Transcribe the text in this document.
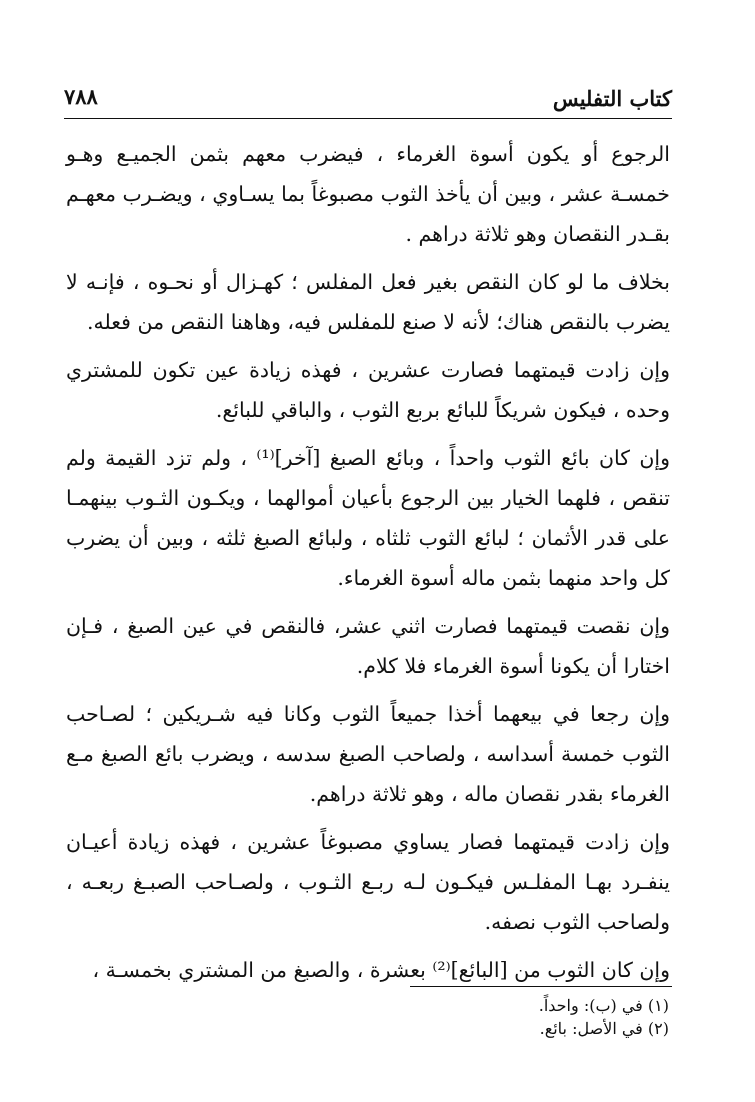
كتاب التفليس
٧٨٨

الرجوع أو يكون أسوة الغرماء ، فيضرب معهم بثمن الجميـع وهـو خمسـة عشر ، وبين أن يأخذ الثوب مصبوغاً بما يسـاوي ، ويضـرب معهـم بقـدر النقصان وهو ثلاثة دراهم .

بخلاف ما لو كان النقص بغير فعل المفلس ؛ كهـزال أو نحـوه ، فإنـه لا يضرب بالنقص هناك؛ لأنه لا صنع للمفلس فيه، وهاهنا النقص من فعله.

وإن زادت قيمتهما فصارت عشرين ، فهذه زيادة عين تكون للمشتري وحده ، فيكون شريكاً للبائع بربع الثوب ، والباقي للبائع.

وإن كان بائع الثوب واحداً ، وبائع الصبغ [آخر]⁽¹⁾ ، ولم تزد القيمة ولم تنقص ، فلهما الخيار بين الرجوع بأعيان أموالهما ، ويكـون الثـوب بينهمـا على قدر الأثمان ؛ لبائع الثوب ثلثاه ، ولبائع الصبغ ثلثه ، وبين أن يضرب كل واحد منهما بثمن ماله أسوة الغرماء.

وإن نقصت قيمتهما فصارت اثني عشر، فالنقص في عين الصبغ ، فـإن اختارا أن يكونا أسوة الغرماء فلا كلام.

وإن رجعا في بيعهما أخذا جميعاً الثوب وكانا فيه شـريكين ؛ لصـاحب الثوب خمسة أسداسه ، ولصاحب الصبغ سدسه ، ويضرب بائع الصبغ مـع الغرماء بقدر نقصان ماله ، وهو ثلاثة دراهم.

وإن زادت قيمتهما فصار يساوي مصبوغاً عشرين ، فهذه زيادة أعيـان ينفـرد بهـا المفلـس فيكـون لـه ربـع الثـوب ، ولصـاحب الصبـغ ربعـه ، ولصاحب الثوب نصفه.

وإن كان الثوب من [البائع]⁽²⁾ بعشرة ، والصبغ من المشتري بخمسـة ،

(١) في (ب): واحداً.
(٢) في الأصل: بائع.
